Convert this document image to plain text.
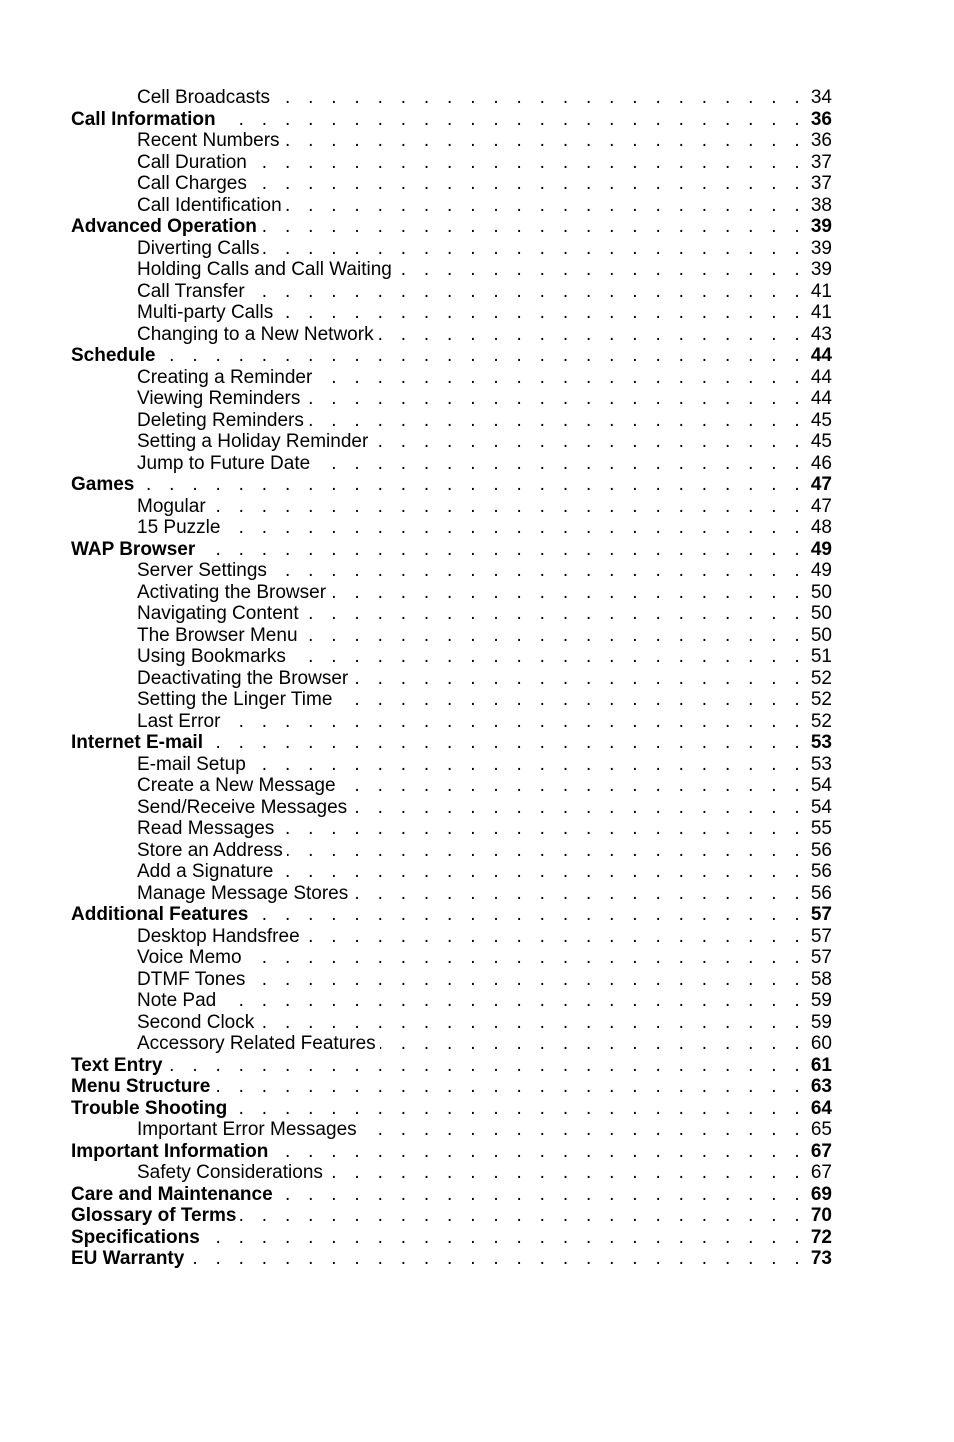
Cell Broadcasts . . .	34
Call Information . . .	36
Recent Numbers . . .	36
Call Duration . . .	37
Call Charges . . .	37
Call Identification . . .	38
Advanced Operation . . .	39
Diverting Calls . . .	39
Holding Calls and Call Waiting . . .	39
Call Transfer . . .	41
Multi-party Calls . . .	41
Changing to a New Network . . .	43
Schedule . . .	44
Creating a Reminder . . .	44
Viewing Reminders . . .	44
Deleting Reminders . . .	45
Setting a Holiday Reminder . . .	45
Jump to Future Date . . .	46
Games . . .	47
Mogular . . .	47
15 Puzzle . . .	48
WAP Browser . . .	49
Server Settings . . .	49
Activating the Browser . . .	50
Navigating Content . . .	50
The Browser Menu . . .	50
Using Bookmarks . . .	51
Deactivating the Browser . . .	52
Setting the Linger Time . . .	52
Last Error . . .	52
Internet E-mail . . .	53
E-mail Setup . . .	53
Create a New Message . . .	54
Send/Receive Messages . . .	54
Read Messages . . .	55
Store an Address . . .	56
Add a Signature . . .	56
Manage Message Stores . . .	56
Additional Features . . .	57
Desktop Handsfree . . .	57
Voice Memo . . .	57
DTMF Tones . . .	58
Note Pad . . .	59
Second Clock . . .	59
Accessory Related Features . . .	60
Text Entry . . .	61
Menu Structure . . .	63
Trouble Shooting . . .	64
Important Error Messages . . .	65
Important Information . . .	67
Safety Considerations . . .	67
Care and Maintenance . . .	69
Glossary of Terms . . .	70
Specifications . . .	72
EU Warranty . . .	73
